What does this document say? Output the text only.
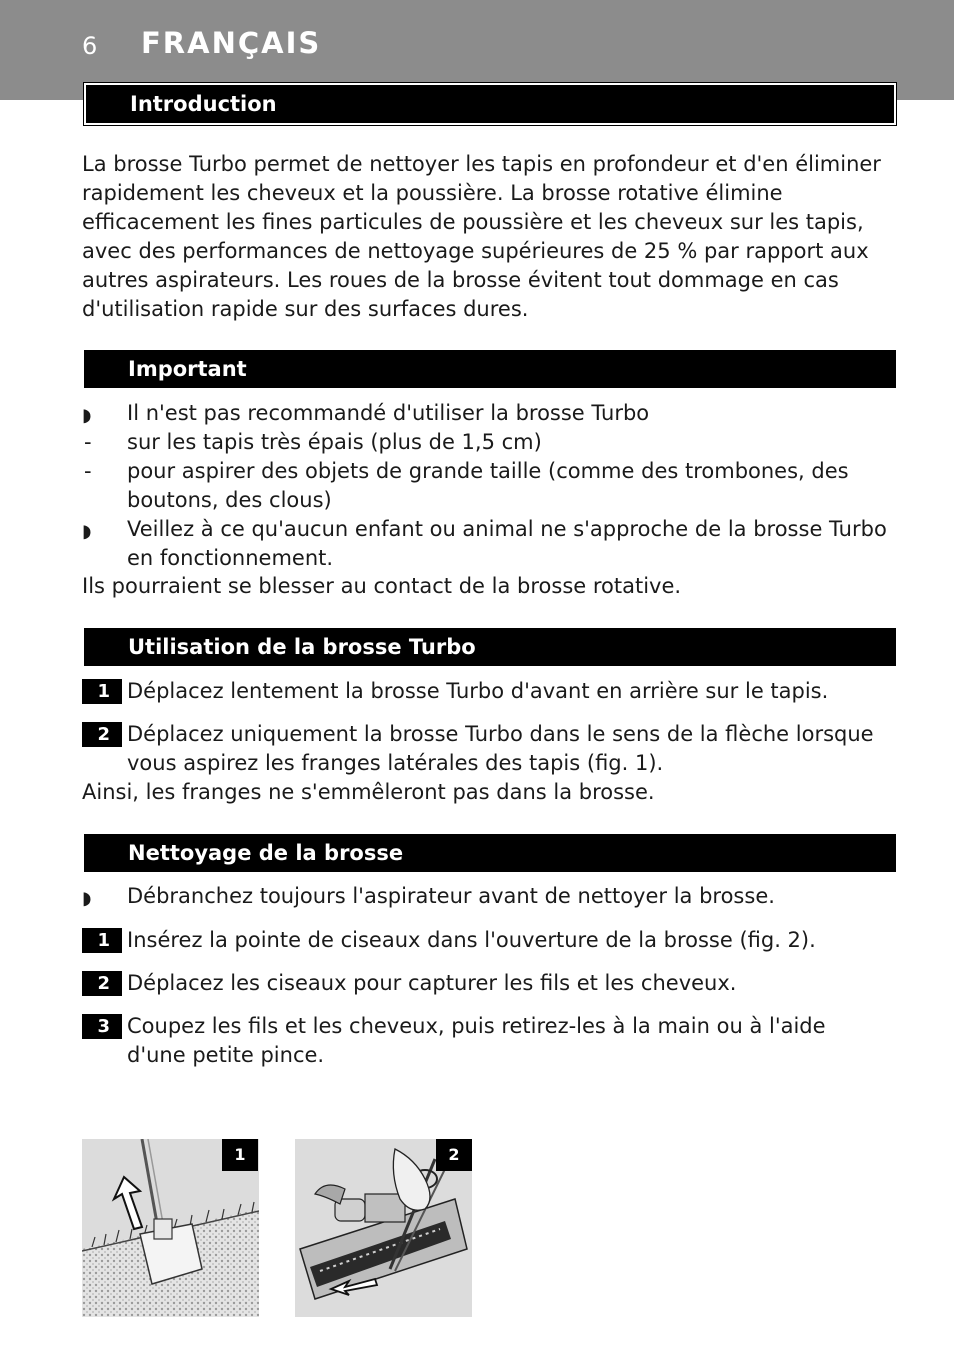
6 FRANÇAIS
Introduction

La brosse Turbo permet de nettoyer les tapis en profondeur et d'en éliminer rapidement les cheveux et la poussière. La brosse rotative élimine efficacement les fines particules de poussière et les cheveux sur les tapis, avec des performances de nettoyage supérieures de 25 % par rapport aux autres aspirateurs. Les roues de la brosse évitent tout dommage en cas d'utilisation rapide sur des surfaces dures.

Important
◗ Il n'est pas recommandé d'utiliser la brosse Turbo
- sur les tapis très épais (plus de 1,5 cm)
- pour aspirer des objets de grande taille (comme des trombones, des boutons, des clous)
◗ Veillez à ce qu'aucun enfant ou animal ne s'approche de la brosse Turbo en fonctionnement.

Ils pourraient se blesser au contact de la brosse rotative.

Utilisation de la brosse Turbo
1 Déplacez lentement la brosse Turbo d'avant en arrière sur le tapis.
2 Déplacez uniquement la brosse Turbo dans le sens de la flèche lorsque vous aspirez les franges latérales des tapis (fig. 1).

Ainsi, les franges ne s'emmêleront pas dans la brosse.

Nettoyage de la brosse
◗ Débranchez toujours l'aspirateur avant de nettoyer la brosse.
1 Insérez la pointe de ciseaux dans l'ouverture de la brosse (fig. 2).
2 Déplacez les ciseaux pour capturer les fils et les cheveux.
3 Coupez les fils et les cheveux, puis retirez-les à la main ou à l'aide d'une petite pince.
1	2
